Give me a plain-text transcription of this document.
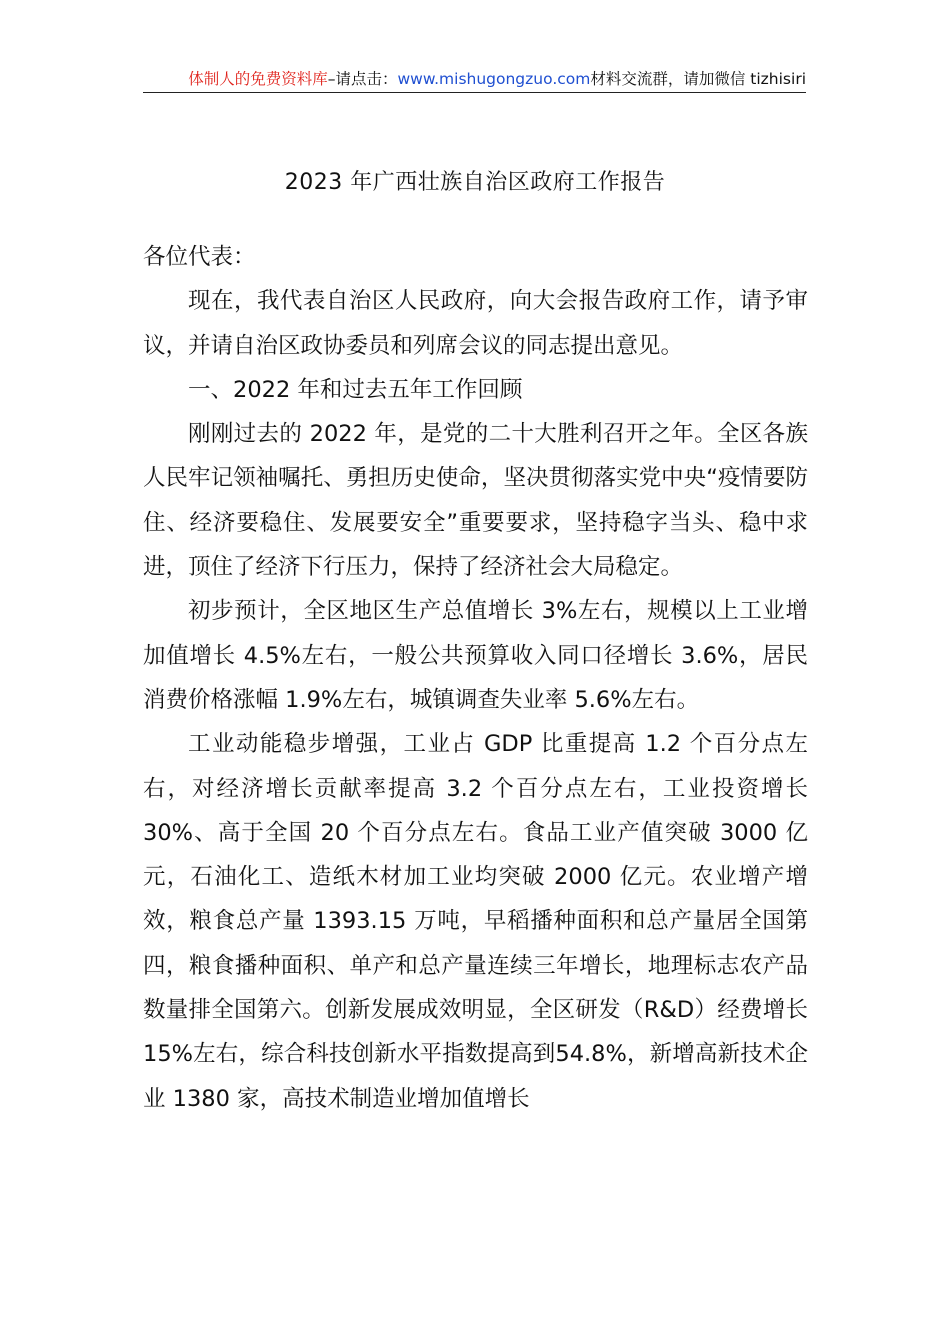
体制人的免费资料库–请点击：www.mishugongzuo.com材料交流群，请加微信 tizhisiri
2023 年广西壮族自治区政府工作报告

各位代表：

现在，我代表自治区人民政府，向大会报告政府工作，请予审议，并请自治区政协委员和列席会议的同志提出意见。

一、2022 年和过去五年工作回顾

刚刚过去的 2022 年，是党的二十大胜利召开之年。全区各族人民牢记领袖嘱托、勇担历史使命，坚决贯彻落实党中央“疫情要防住、经济要稳住、发展要安全”重要要求，坚持稳字当头、稳中求进，顶住了经济下行压力，保持了经济社会大局稳定。

初步预计，全区地区生产总值增长 3%左右，规模以上工业增加值增长 4.5%左右，一般公共预算收入同口径增长 3.6%，居民消费价格涨幅 1.9%左右，城镇调查失业率 5.6%左右。

工业动能稳步增强，工业占 GDP 比重提高 1.2 个百分点左右，对经济增长贡献率提高 3.2 个百分点左右，工业投资增长30%、高于全国 20 个百分点左右。食品工业产值突破 3000 亿元，石油化工、造纸木材加工业均突破 2000 亿元。农业增产增效，粮食总产量 1393.15 万吨，早稻播种面积和总产量居全国第四，粮食播种面积、单产和总产量连续三年增长，地理标志农产品数量排全国第六。创新发展成效明显，全区研发（R&D）经费增长 15%左右，综合科技创新水平指数提高到54.8%，新增高新技术企业 1380 家，高技术制造业增加值增长
